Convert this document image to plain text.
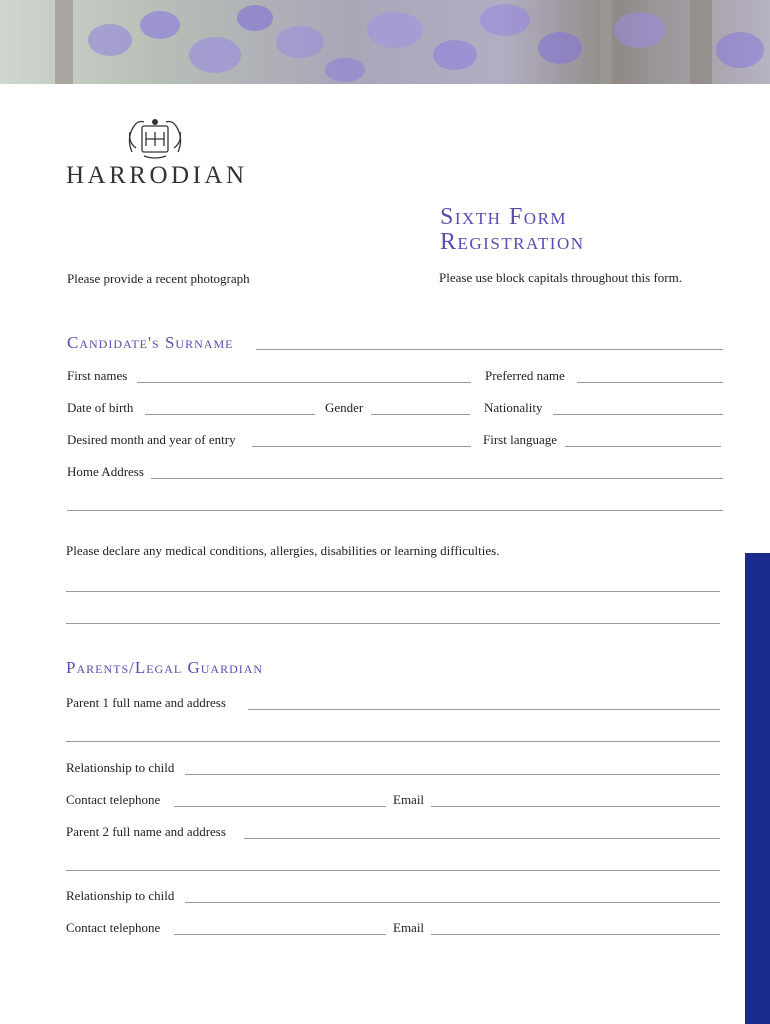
HARRODIAN
Sixth Form
Registration
Please provide a recent photograph	Please use block capitals throughout this form.
Candidate's Surname
First names	Preferred name
Date of birth	Gender	Nationality
Desired month and year of entry	First language
Home Address
Please declare any medical conditions, allergies, disabilities or learning difficulties.
Parents/Legal Guardian
Parent 1 full name and address
Relationship to child
Contact telephone	Email
Parent 2 full name and address
Relationship to child
Contact telephone	Email
